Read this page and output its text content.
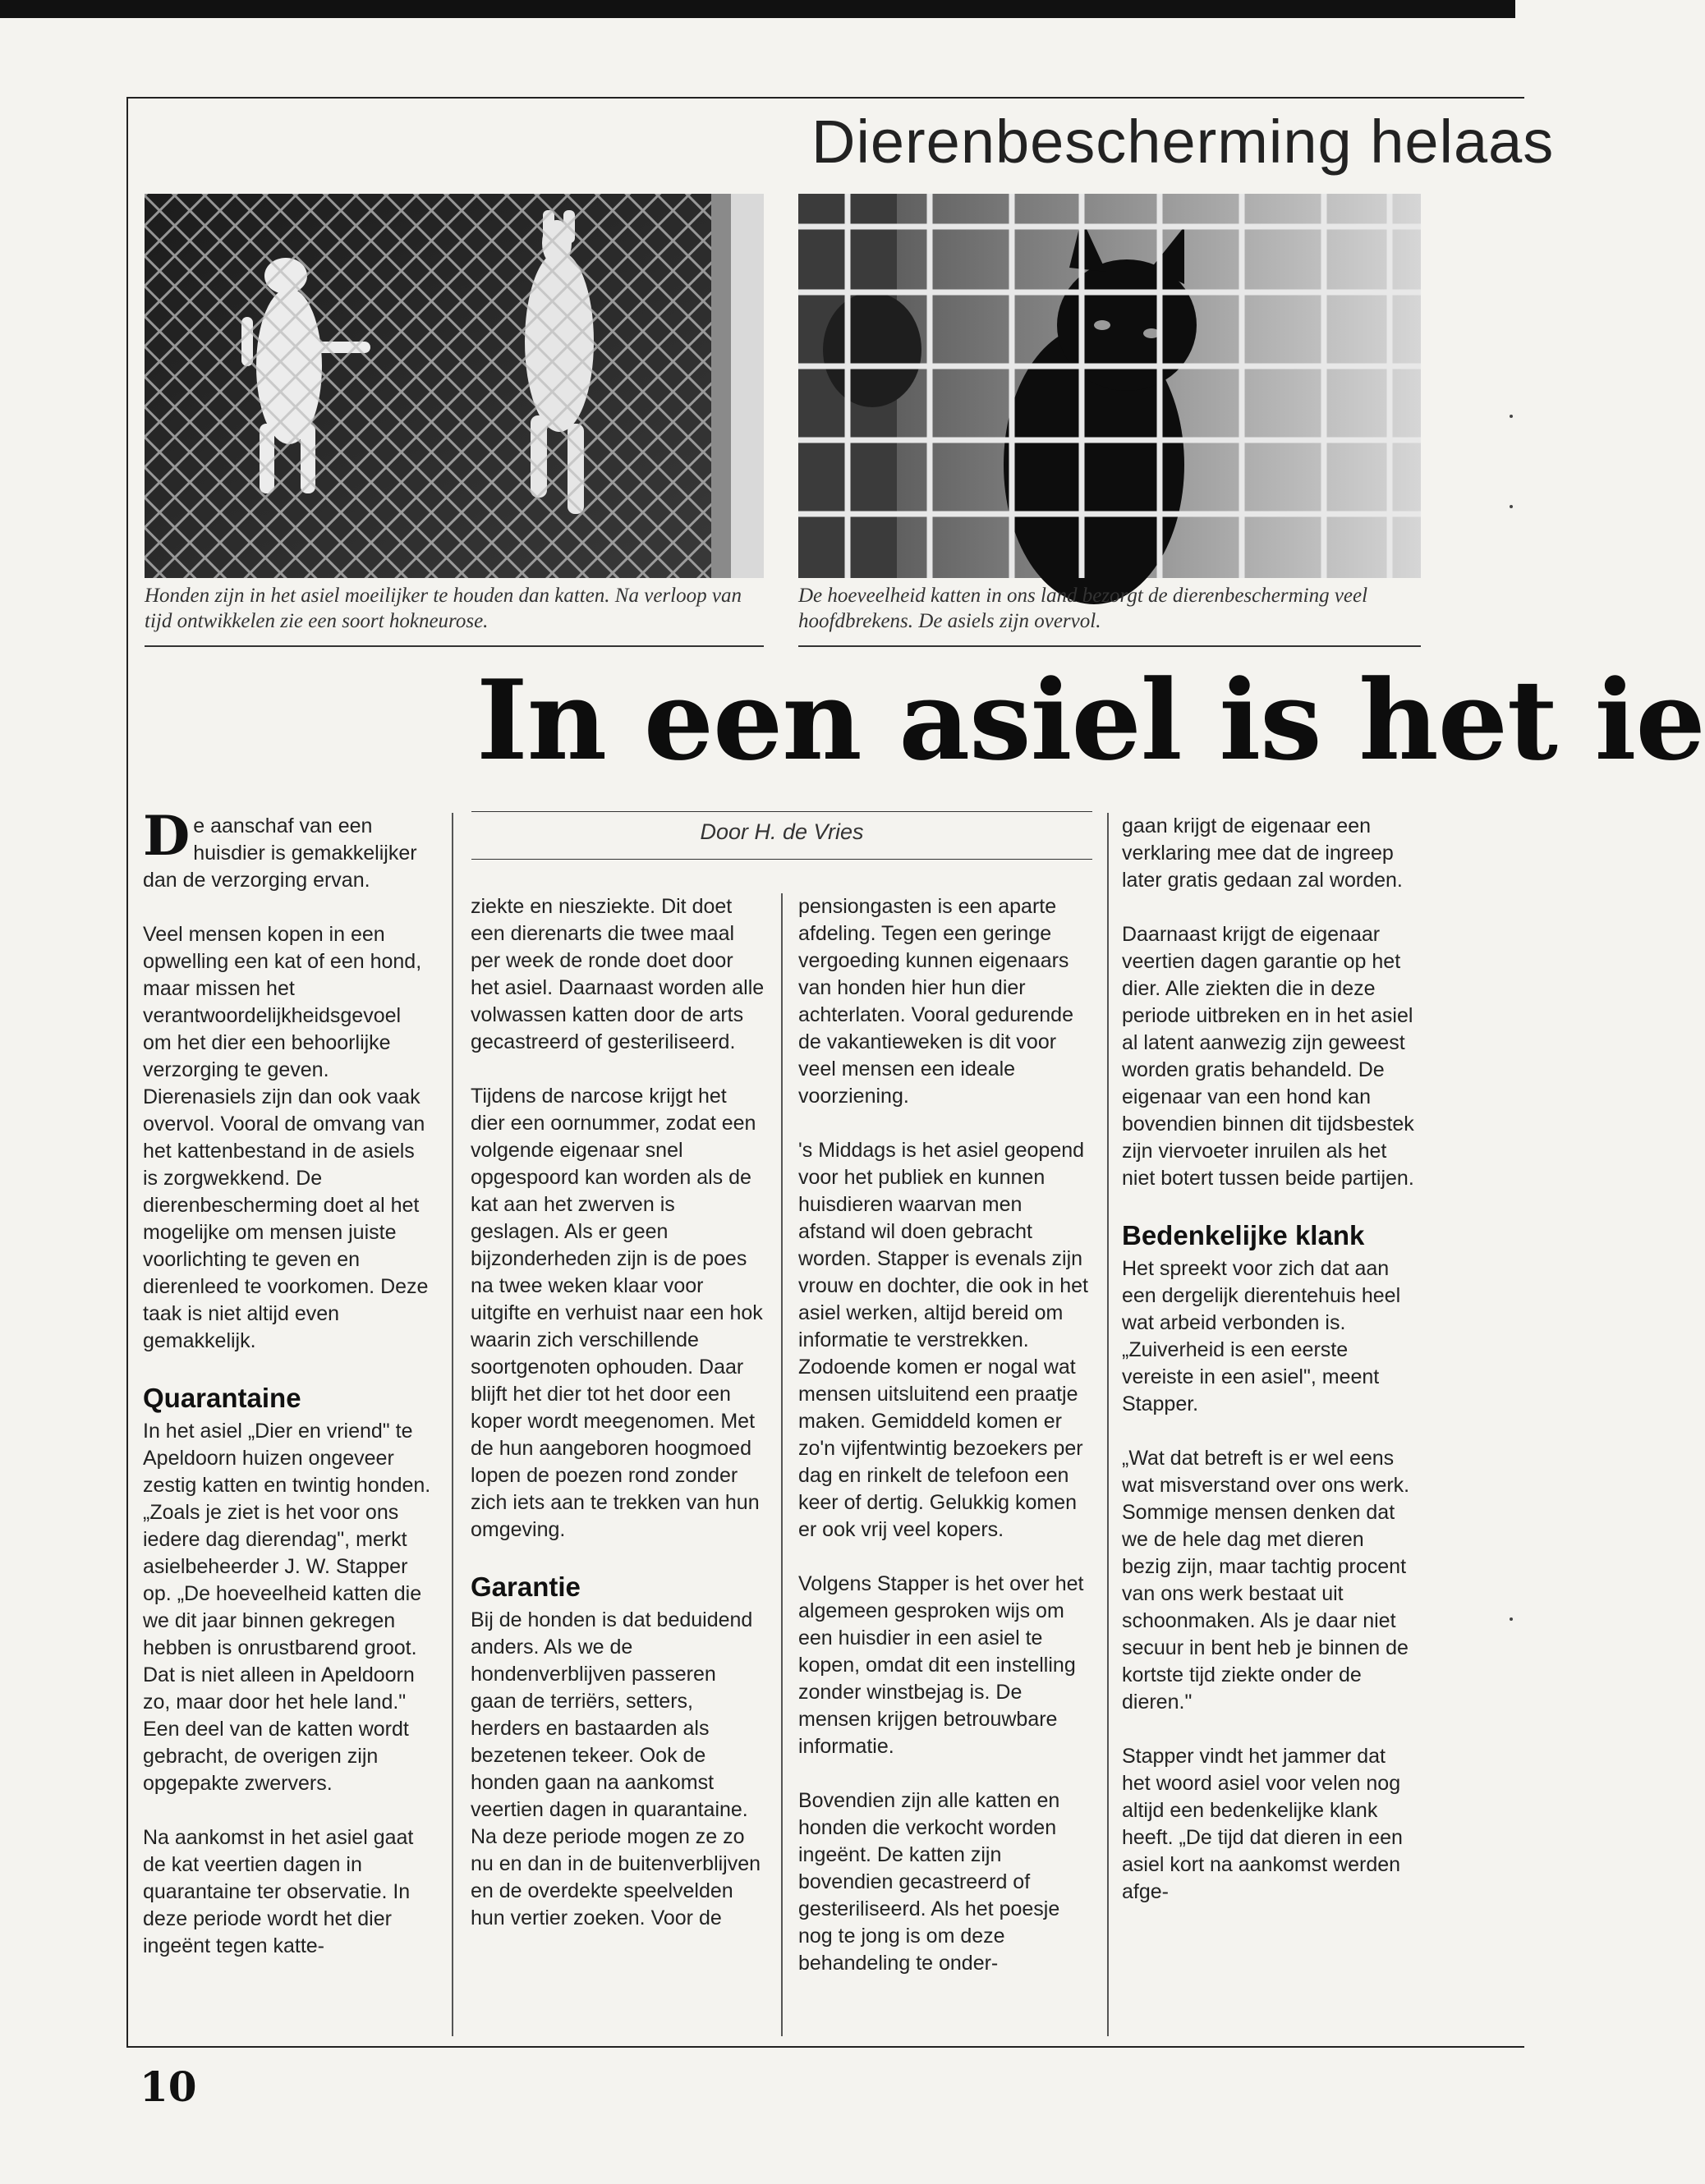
Dierenbescherming helaas
Honden zijn in het asiel moeilijker te houden dan katten. Na verloop van tijd ontwikkelen zie een soort hokneurose.
De hoeveelheid katten in ons land bezorgt de dierenbescherming veel hoofdbrekens. De asiels zijn overvol.
In een asiel is het ie
Door H. de Vries

De aanschaf van een huisdier is gemakkelijker dan de verzorging ervan.

Veel mensen kopen in een opwelling een kat of een hond, maar missen het verantwoordelijkheidsgevoel om het dier een behoorlijke verzorging te geven. Dierenasiels zijn dan ook vaak overvol. Vooral de omvang van het kattenbestand in de asiels is zorgwekkend. De dierenbescherming doet al het mogelijke om mensen juiste voorlichting te geven en dierenleed te voorkomen. Deze taak is niet altijd even gemakkelijk.

Quarantaine

In het asiel „Dier en vriend" te Apeldoorn huizen ongeveer zestig katten en twintig honden. „Zoals je ziet is het voor ons iedere dag dierendag", merkt asielbeheerder J. W. Stapper op. „De hoeveelheid katten die we dit jaar binnen gekregen hebben is onrustbarend groot. Dat is niet alleen in Apeldoorn zo, maar door het hele land." Een deel van de katten wordt gebracht, de overigen zijn opgepakte zwervers.

Na aankomst in het asiel gaat de kat veertien dagen in quarantaine ter observatie. In deze periode wordt het dier ingeënt tegen katte-

ziekte en niesziekte. Dit doet een dierenarts die twee maal per week de ronde doet door het asiel. Daarnaast worden alle volwassen katten door de arts gecastreerd of gesteriliseerd.

Tijdens de narcose krijgt het dier een oornummer, zodat een volgende eigenaar snel opgespoord kan worden als de kat aan het zwerven is geslagen. Als er geen bijzonderheden zijn is de poes na twee weken klaar voor uitgifte en verhuist naar een hok waarin zich verschillende soortgenoten ophouden. Daar blijft het dier tot het door een koper wordt meegenomen. Met de hun aangeboren hoogmoed lopen de poezen rond zonder zich iets aan te trekken van hun omgeving.

Garantie

Bij de honden is dat beduidend anders. Als we de hondenverblijven passeren gaan de terriërs, setters, herders en bastaarden als bezetenen tekeer. Ook de honden gaan na aankomst veertien dagen in quarantaine. Na deze periode mogen ze zo nu en dan in de buitenverblijven en de overdekte speelvelden hun vertier zoeken. Voor de

pensiongasten is een aparte afdeling. Tegen een geringe vergoeding kunnen eigenaars van honden hier hun dier achterlaten. Vooral gedurende de vakantieweken is dit voor veel mensen een ideale voorziening.

's Middags is het asiel geopend voor het publiek en kunnen huisdieren waarvan men afstand wil doen gebracht worden. Stapper is evenals zijn vrouw en dochter, die ook in het asiel werken, altijd bereid om informatie te verstrekken. Zodoende komen er nogal wat mensen uitsluitend een praatje maken. Gemiddeld komen er zo'n vijfentwintig bezoekers per dag en rinkelt de telefoon een keer of dertig. Gelukkig komen er ook vrij veel kopers.

Volgens Stapper is het over het algemeen gesproken wijs om een huisdier in een asiel te kopen, omdat dit een instelling zonder winstbejag is. De mensen krijgen betrouwbare informatie.

Bovendien zijn alle katten en honden die verkocht worden ingeënt. De katten zijn bovendien gecastreerd of gesteriliseerd. Als het poesje nog te jong is om deze behandeling te onder-

gaan krijgt de eigenaar een verklaring mee dat de ingreep later gratis gedaan zal worden.

Daarnaast krijgt de eigenaar veertien dagen garantie op het dier. Alle ziekten die in deze periode uitbreken en in het asiel al latent aanwezig zijn geweest worden gratis behandeld. De eigenaar van een hond kan bovendien binnen dit tijdsbestek zijn viervoeter inruilen als het niet botert tussen beide partijen.

Bedenkelijke klank

Het spreekt voor zich dat aan een dergelijk dierentehuis heel wat arbeid verbonden is. „Zuiverheid is een eerste vereiste in een asiel", meent Stapper.

„Wat dat betreft is er wel eens wat misverstand over ons werk. Sommige mensen denken dat we de hele dag met dieren bezig zijn, maar tachtig procent van ons werk bestaat uit schoonmaken. Als je daar niet secuur in bent heb je binnen de kortste tijd ziekte onder de dieren."

Stapper vindt het jammer dat het woord asiel voor velen nog altijd een bedenkelijke klank heeft. „De tijd dat dieren in een asiel kort na aankomst werden afge-

10
